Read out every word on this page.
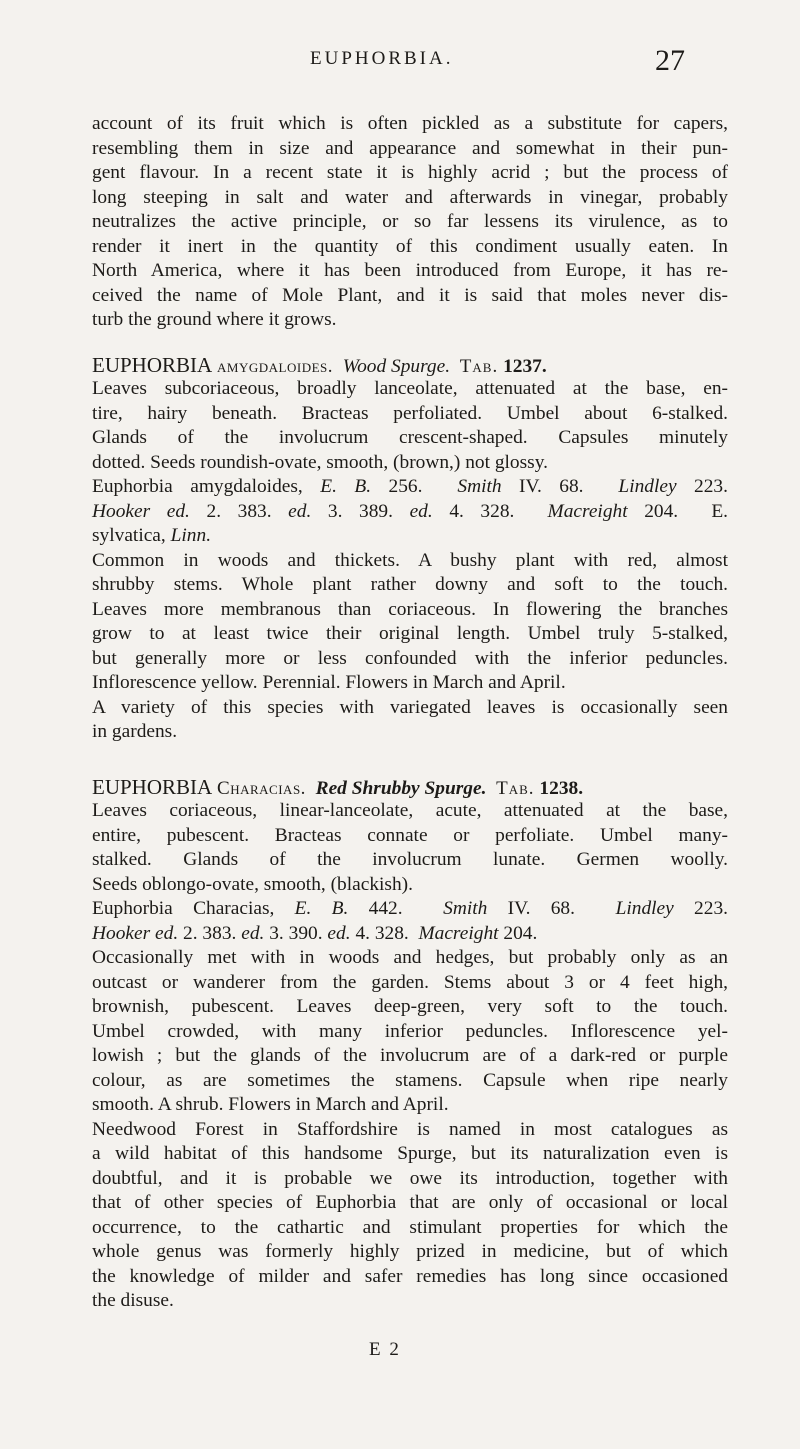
EUPHORBIA.	27
account of its fruit which is often pickled as a substitute for capers,
resembling them in size and appearance and somewhat in their pun-
gent flavour. In a recent state it is highly acrid ; but the process of
long steeping in salt and water and afterwards in vinegar, probably
neutralizes the active principle, or so far lessens its virulence, as to
render it inert in the quantity of this condiment usually eaten. In
North America, where it has been introduced from Europe, it has re-
ceived the name of Mole Plant, and it is said that moles never dis-
turb the ground where it grows.
EUPHORBIA amygdaloides. Wood Spurge. Tab. 1237.
Leaves subcoriaceous, broadly lanceolate, attenuated at the base, en-
tire, hairy beneath. Bracteas perfoliated. Umbel about 6-stalked.
Glands of the involucrum crescent-shaped. Capsules minutely
dotted. Seeds roundish-ovate, smooth, (brown,) not glossy.
Euphorbia amygdaloides, E. B. 256. Smith IV. 68. Lindley 223.
Hooker ed. 2. 383. ed. 3. 389. ed. 4. 328. Macreight 204. E.
sylvatica, Linn.
Common in woods and thickets. A bushy plant with red, almost
shrubby stems. Whole plant rather downy and soft to the touch.
Leaves more membranous than coriaceous. In flowering the branches
grow to at least twice their original length. Umbel truly 5-stalked,
but generally more or less confounded with the inferior peduncles.
Inflorescence yellow. Perennial. Flowers in March and April.
A variety of this species with variegated leaves is occasionally seen
in gardens.
EUPHORBIA Characias. Red Shrubby Spurge. Tab. 1238.
Leaves coriaceous, linear-lanceolate, acute, attenuated at the base,
entire, pubescent. Bracteas connate or perfoliate. Umbel many-
stalked. Glands of the involucrum lunate. Germen woolly.
Seeds oblongo-ovate, smooth, (blackish).
Euphorbia Characias, E. B. 442. Smith IV. 68. Lindley 223.
Hooker ed. 2. 383. ed. 3. 390. ed. 4. 328. Macreight 204.
Occasionally met with in woods and hedges, but probably only as an
outcast or wanderer from the garden. Stems about 3 or 4 feet high,
brownish, pubescent. Leaves deep-green, very soft to the touch.
Umbel crowded, with many inferior peduncles. Inflorescence yel-
lowish ; but the glands of the involucrum are of a dark-red or purple
colour, as are sometimes the stamens. Capsule when ripe nearly
smooth. A shrub. Flowers in March and April.
Needwood Forest in Staffordshire is named in most catalogues as
a wild habitat of this handsome Spurge, but its naturalization even is
doubtful, and it is probable we owe its introduction, together with
that of other species of Euphorbia that are only of occasional or local
occurrence, to the cathartic and stimulant properties for which the
whole genus was formerly highly prized in medicine, but of which
the knowledge of milder and safer remedies has long since occasioned
the disuse.
E 2
